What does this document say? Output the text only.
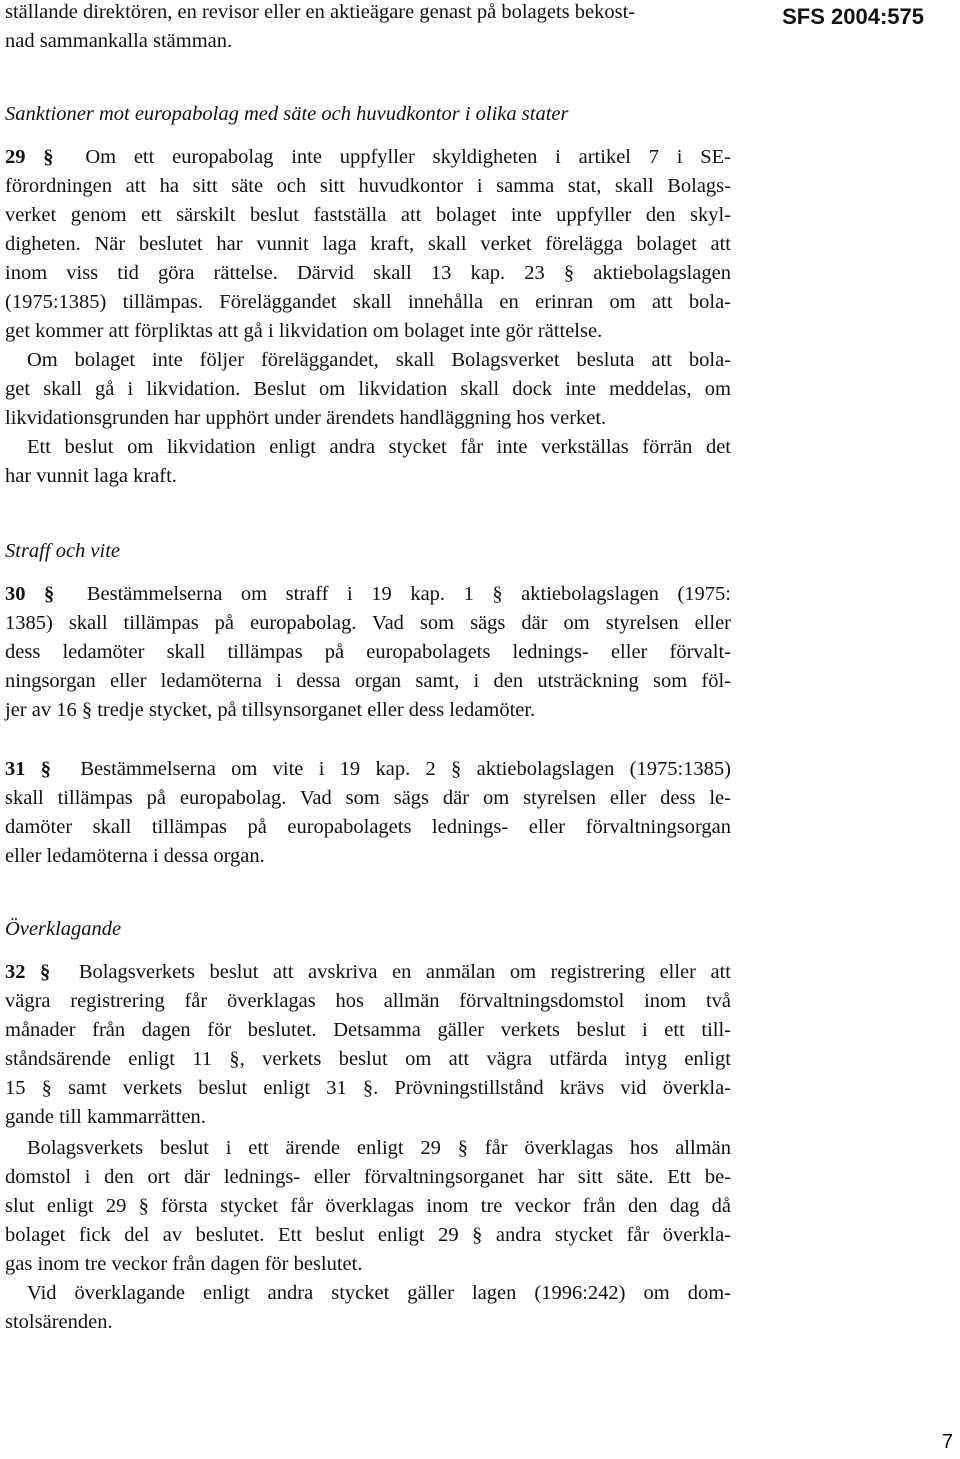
ställande direktören, en revisor eller en aktieägare genast på bolagets bekost-
nad sammankalla stämman.
SFS 2004:575
Sanktioner mot europabolag med säte och huvudkontor i olika stater
29 § Om ett europabolag inte uppfyller skyldigheten i artikel 7 i SE-
förordningen att ha sitt säte och sitt huvudkontor i samma stat, skall Bolags-
verket genom ett särskilt beslut fastställa att bolaget inte uppfyller den skyl-
digheten. När beslutet har vunnit laga kraft, skall verket förelägga bolaget att
inom viss tid göra rättelse. Därvid skall 13 kap. 23 § aktiebolagslagen
(1975:1385) tillämpas. Föreläggandet skall innehålla en erinran om att bola-
get kommer att förpliktas att gå i likvidation om bolaget inte gör rättelse.
Om bolaget inte följer föreläggandet, skall Bolagsverket besluta att bola-
get skall gå i likvidation. Beslut om likvidation skall dock inte meddelas, om
likvidationsgrunden har upphört under ärendets handläggning hos verket.
Ett beslut om likvidation enligt andra stycket får inte verkställas förrän det
har vunnit laga kraft.
Straff och vite
30 § Bestämmelserna om straff i 19 kap. 1 § aktiebolagslagen (1975:
1385) skall tillämpas på europabolag. Vad som sägs där om styrelsen eller
dess ledamöter skall tillämpas på europabolagets lednings- eller förvalt-
ningsorgan eller ledamöterna i dessa organ samt, i den utsträckning som föl-
jer av 16 § tredje stycket, på tillsynsorganet eller dess ledamöter.
31 § Bestämmelserna om vite i 19 kap. 2 § aktiebolagslagen (1975:1385)
skall tillämpas på europabolag. Vad som sägs där om styrelsen eller dess le-
damöter skall tillämpas på europabolagets lednings- eller förvaltningsorgan
eller ledamöterna i dessa organ.
Överklagande
32 § Bolagsverkets beslut att avskriva en anmälan om registrering eller att
vägra registrering får överklagas hos allmän förvaltningsdomstol inom två
månader från dagen för beslutet. Detsamma gäller verkets beslut i ett till-
ståndsärende enligt 11 §, verkets beslut om att vägra utfärda intyg enligt
15 § samt verkets beslut enligt 31 §. Prövningstillstånd krävs vid överkla-
gande till kammarrätten.
Bolagsverkets beslut i ett ärende enligt 29 § får överklagas hos allmän
domstol i den ort där lednings- eller förvaltningsorganet har sitt säte. Ett be-
slut enligt 29 § första stycket får överklagas inom tre veckor från den dag då
bolaget fick del av beslutet. Ett beslut enligt 29 § andra stycket får överkla-
gas inom tre veckor från dagen för beslutet.
Vid överklagande enligt andra stycket gäller lagen (1996:242) om dom-
stolsärenden.
7
